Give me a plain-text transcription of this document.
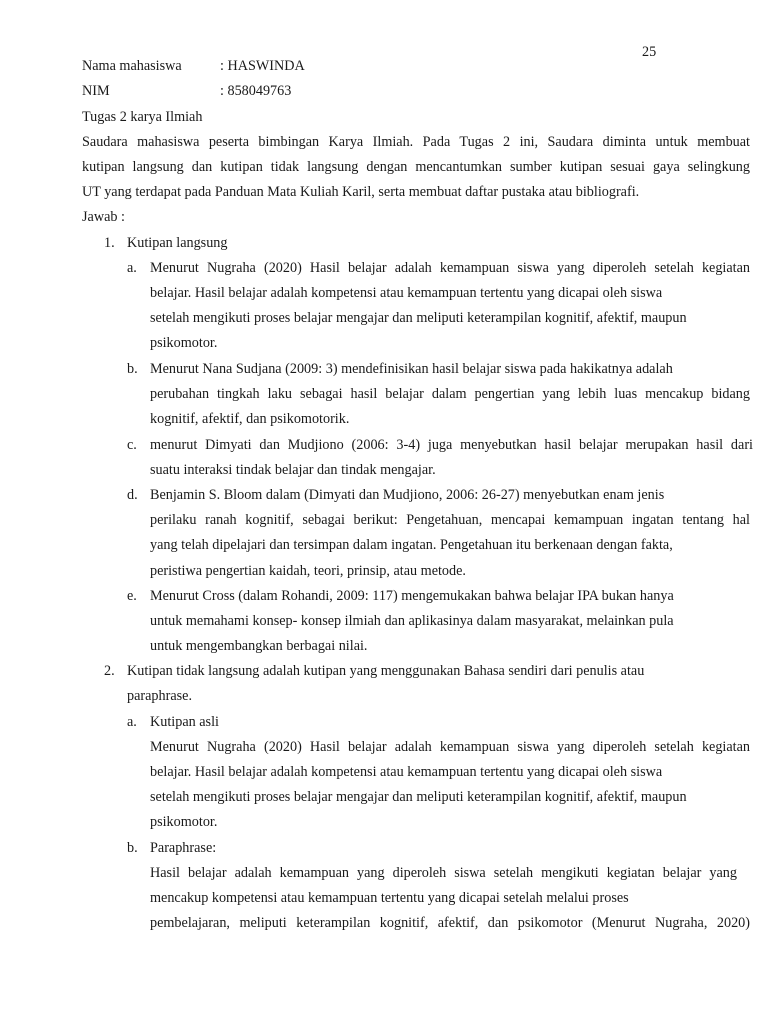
25
Nama mahasiswa	: HASWINDA
NIM	: 858049763
Tugas 2 karya Ilmiah
Saudara mahasiswa peserta bimbingan Karya Ilmiah. Pada Tugas 2 ini, Saudara diminta untuk membuat
kutipan langsung dan kutipan tidak langsung dengan mencantumkan sumber kutipan sesuai gaya selingkung
UT yang terdapat pada Panduan Mata Kuliah Karil, serta membuat daftar pustaka atau bibliografi.
Jawab :
1. Kutipan langsung
a. Menurut Nugraha (2020) Hasil belajar adalah kemampuan siswa yang diperoleh setelah kegiatan
belajar. Hasil belajar adalah kompetensi atau kemampuan tertentu yang dicapai oleh siswa
setelah mengikuti proses belajar mengajar dan meliputi keterampilan kognitif, afektif, maupun
psikomotor.
b. Menurut Nana Sudjana (2009: 3) mendefinisikan hasil belajar siswa pada hakikatnya adalah
perubahan tingkah laku sebagai hasil belajar dalam pengertian yang lebih luas mencakup bidang
kognitif, afektif, dan psikomotorik.
c. menurut Dimyati dan Mudjiono (2006: 3-4) juga menyebutkan hasil belajar merupakan hasil dari
suatu interaksi tindak belajar dan tindak mengajar.
d. Benjamin S. Bloom dalam (Dimyati dan Mudjiono, 2006: 26-27) menyebutkan enam jenis
perilaku ranah kognitif, sebagai berikut: Pengetahuan, mencapai kemampuan ingatan tentang hal
yang telah dipelajari dan tersimpan dalam ingatan. Pengetahuan itu berkenaan dengan fakta,
peristiwa pengertian kaidah, teori, prinsip, atau metode.
e. Menurut Cross (dalam Rohandi, 2009: 117) mengemukakan bahwa belajar IPA bukan hanya
untuk memahami konsep- konsep ilmiah dan aplikasinya dalam masyarakat, melainkan pula
untuk mengembangkan berbagai nilai.
2. Kutipan tidak langsung adalah kutipan yang menggunakan Bahasa sendiri dari penulis atau
paraphrase.
a. Kutipan asli
Menurut Nugraha (2020) Hasil belajar adalah kemampuan siswa yang diperoleh setelah kegiatan
belajar. Hasil belajar adalah kompetensi atau kemampuan tertentu yang dicapai oleh siswa
setelah mengikuti proses belajar mengajar dan meliputi keterampilan kognitif, afektif, maupun
psikomotor.
b. Paraphrase:
Hasil belajar adalah kemampuan yang diperoleh siswa setelah mengikuti kegiatan belajar yang
mencakup kompetensi atau kemampuan tertentu yang dicapai setelah melalui proses
pembelajaran, meliputi keterampilan kognitif, afektif, dan psikomotor (Menurut Nugraha, 2020)
